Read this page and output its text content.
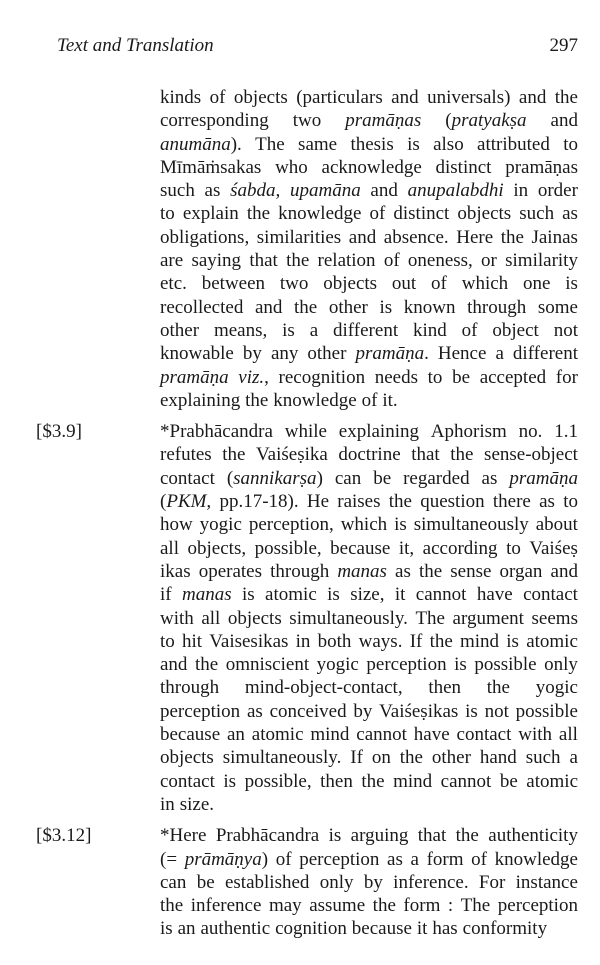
Text and Translation	297
kinds of objects (particulars and universals) and the
corresponding two pramāṇas (pratyakṣa and
anumāna). The same thesis is also attributed to
Mīmāṁsakas who acknowledge distinct pramāṇas
such as śabda, upamāna and anupalabdhi in order
to explain the knowledge of distinct objects such as
obligations, similarities and absence. Here the Jainas
are saying that the relation of oneness, or similarity
etc. between two objects out of which one is
recollected and the other is known through some
other means, is a different kind of object not
knowable by any other pramāṇa. Hence a different
pramāṇa viz., recognition needs to be accepted for
explaining the knowledge of it.
[$3.9]	*Prabhācandra while explaining Aphorism no. 1.1
refutes the Vaiśeṣika doctrine that the sense-object
contact (sannikarṣa) can be regarded as pramāṇa
(PKM, pp.17-18). He raises the question there as to
how yogic perception, which is simultaneously about
all objects, possible, because it, according to Vaiśeṣ
ikas operates through manas as the sense organ and
if manas is atomic is size, it cannot have contact
with all objects simultaneously. The argument seems
to hit Vaisesikas in both ways. If the mind is atomic
and the omniscient yogic perception is possible only
through mind-object-contact, then the yogic
perception as conceived by Vaiśeṣikas is not possible
because an atomic mind cannot have contact with all
objects simultaneously. If on the other hand such a
contact is possible, then the mind cannot be atomic
in size.
[$3.12]	*Here Prabhācandra is arguing that the authenticity
(= prāmāṇya) of perception as a form of knowledge
can be established only by inference. For instance
the inference may assume the form : The perception
is an authentic cognition because it has conformity
